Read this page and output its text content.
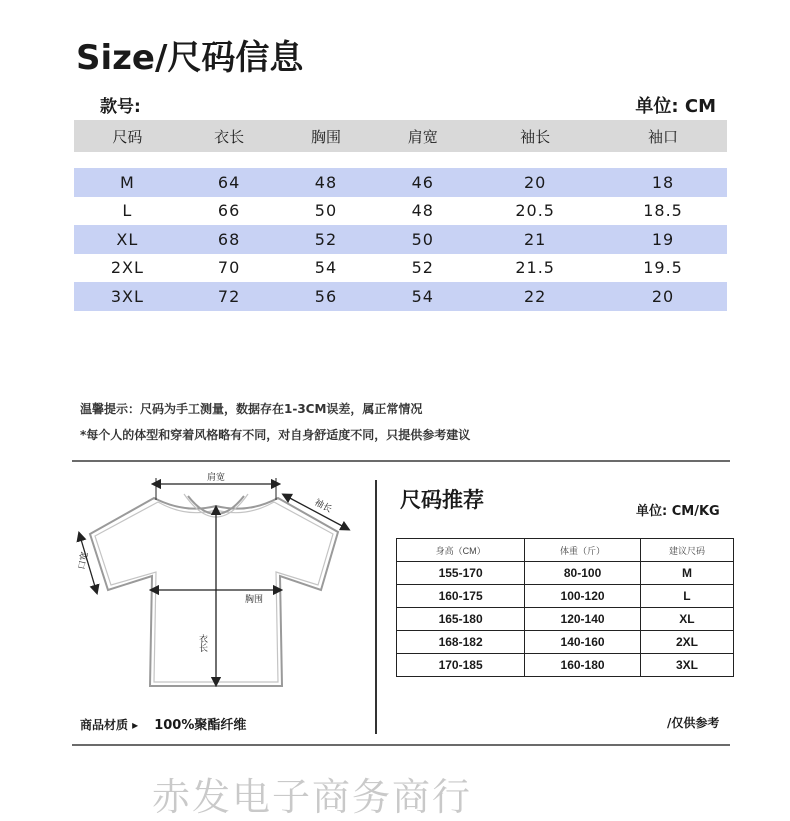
Size/尺码信息
款号:	单位: CM
尺码	衣长	胸围	肩宽	袖长	袖口

M	64	48	46	20	18
L	66	50	48	20.5	18.5
XL	68	52	50	21	19
2XL	70	54	52	21.5	19.5
3XL	72	56	54	22	20
温馨提示：尺码为手工测量，数据存在1-3CM误差，属正常情况
*每个人的体型和穿着风格略有不同，对自身舒适度不同，只提供参考建议
肩宽
袖长
口宽
胸围
衣长
商品材质 ▸ 100%聚酯纤维	/仅供参考
尺码推荐	单位: CM/KG
身高（CM）	体重（斤）	建议尺码
155-170	80-100	M
160-175	100-120	L
165-180	120-140	XL
168-182	140-160	2XL
170-185	160-180	3XL
赤发电子商务商行
